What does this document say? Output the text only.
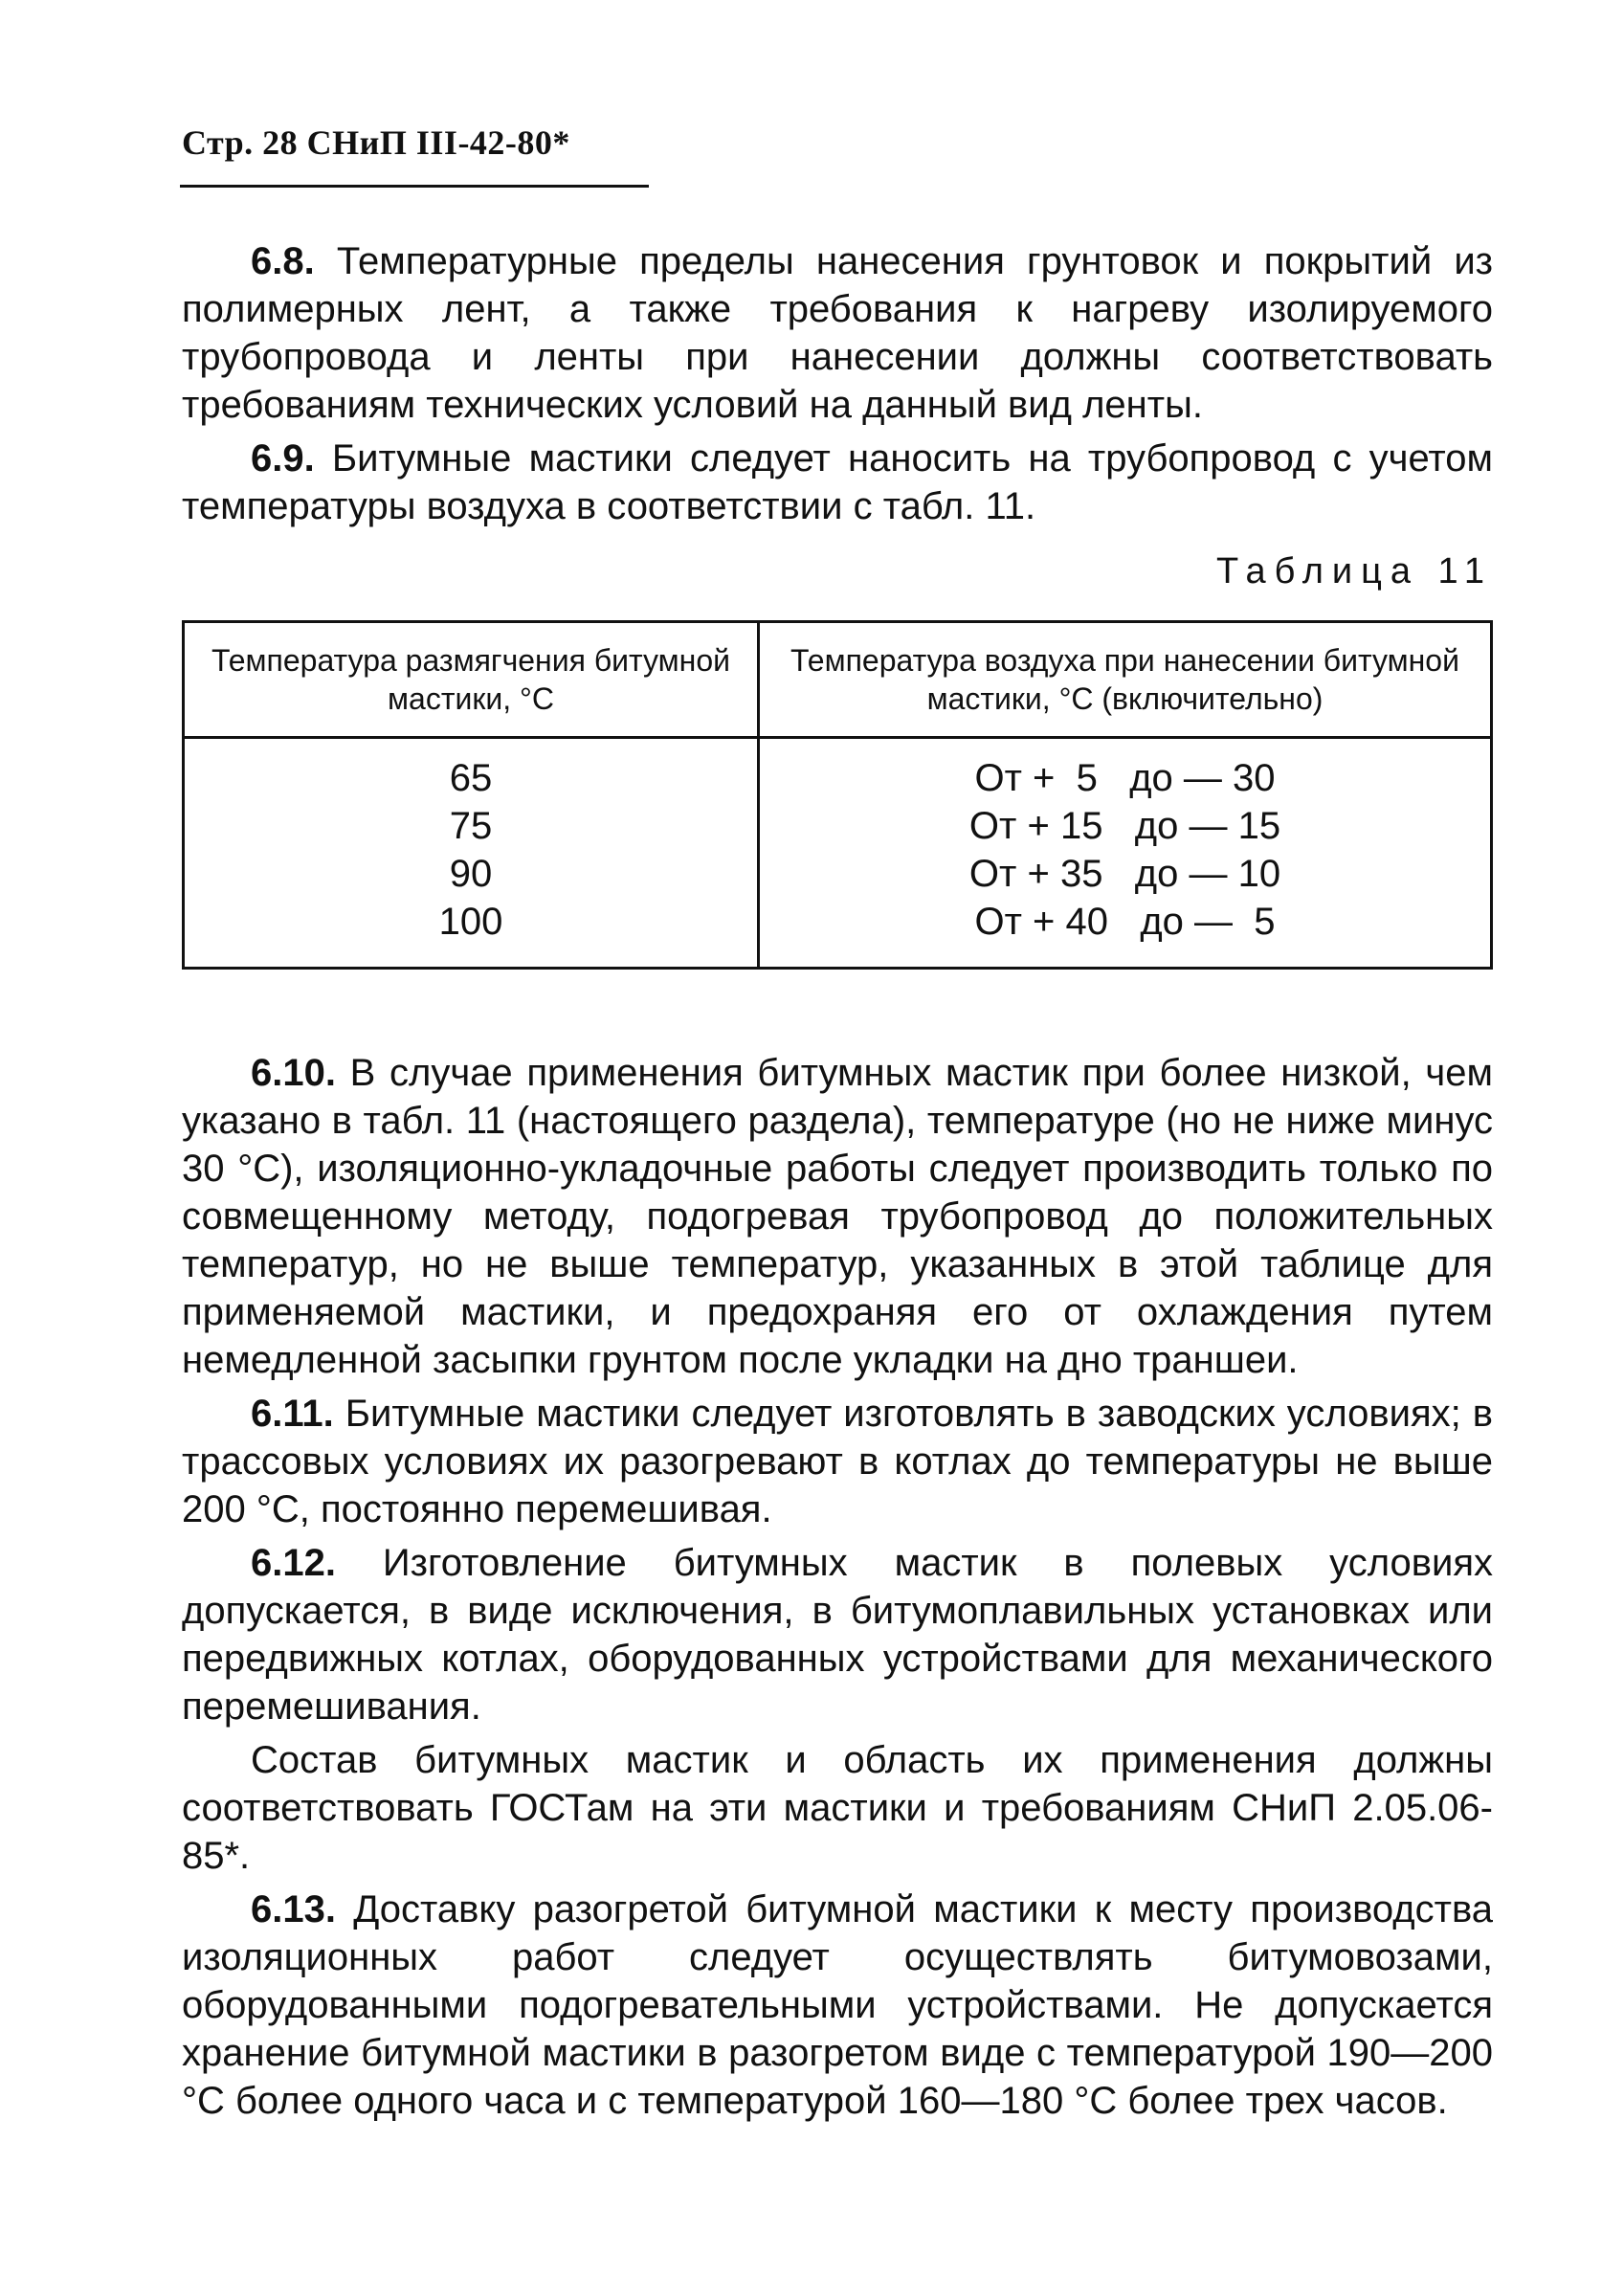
Стр. 28 СНиП III-42-80*

6.8. Температурные пределы нанесения грунтовок и покрытий из полимерных лент, а также требования к нагреву изолируемого трубопровода и ленты при нанесении должны соответствовать требованиям технических условий на данный вид ленты.

6.9. Битумные мастики следует наносить на трубопровод с учетом температуры воздуха в соответствии с табл. 11.

Таблица 11
Температура размягчения битумной мастики, °С	Температура воздуха при нанесении битумной мастики, °С (включительно)
65	От +  5   до — 30
75	От + 15   до — 15
90	От + 35   до — 10
100	От + 40   до —  5

6.10. В случае применения битумных мастик при более низкой, чем указано в табл. 11 (настоящего раздела), температуре (но не ниже минус 30 °С), изоляционно-укладочные работы следует производить только по совмещенному методу, подогревая трубопровод до положительных температур, но не выше температур, указанных в этой таблице для применяемой мастики, и предохраняя его от охлаждения путем немедленной засыпки грунтом после укладки на дно траншеи.

6.11. Битумные мастики следует изготовлять в заводских условиях; в трассовых условиях их разогревают в котлах до температуры не выше 200 °С, постоянно перемешивая.

6.12. Изготовление битумных мастик в полевых условиях допускается, в виде исключения, в битумоплавильных установках или передвижных котлах, оборудованных устройствами для механического перемешивания.

Состав битумных мастик и область их применения должны соответствовать ГОСТам на эти мастики и требованиям СНиП 2.05.06-85*.

6.13. Доставку разогретой битумной мастики к месту производства изоляционных работ следует осуществлять битумовозами, оборудованными подогревательными устройствами. Не допускается хранение битумной мастики в разогретом виде с температурой 190—200 °С более одного часа и с температурой 160—180 °С более трех часов.
